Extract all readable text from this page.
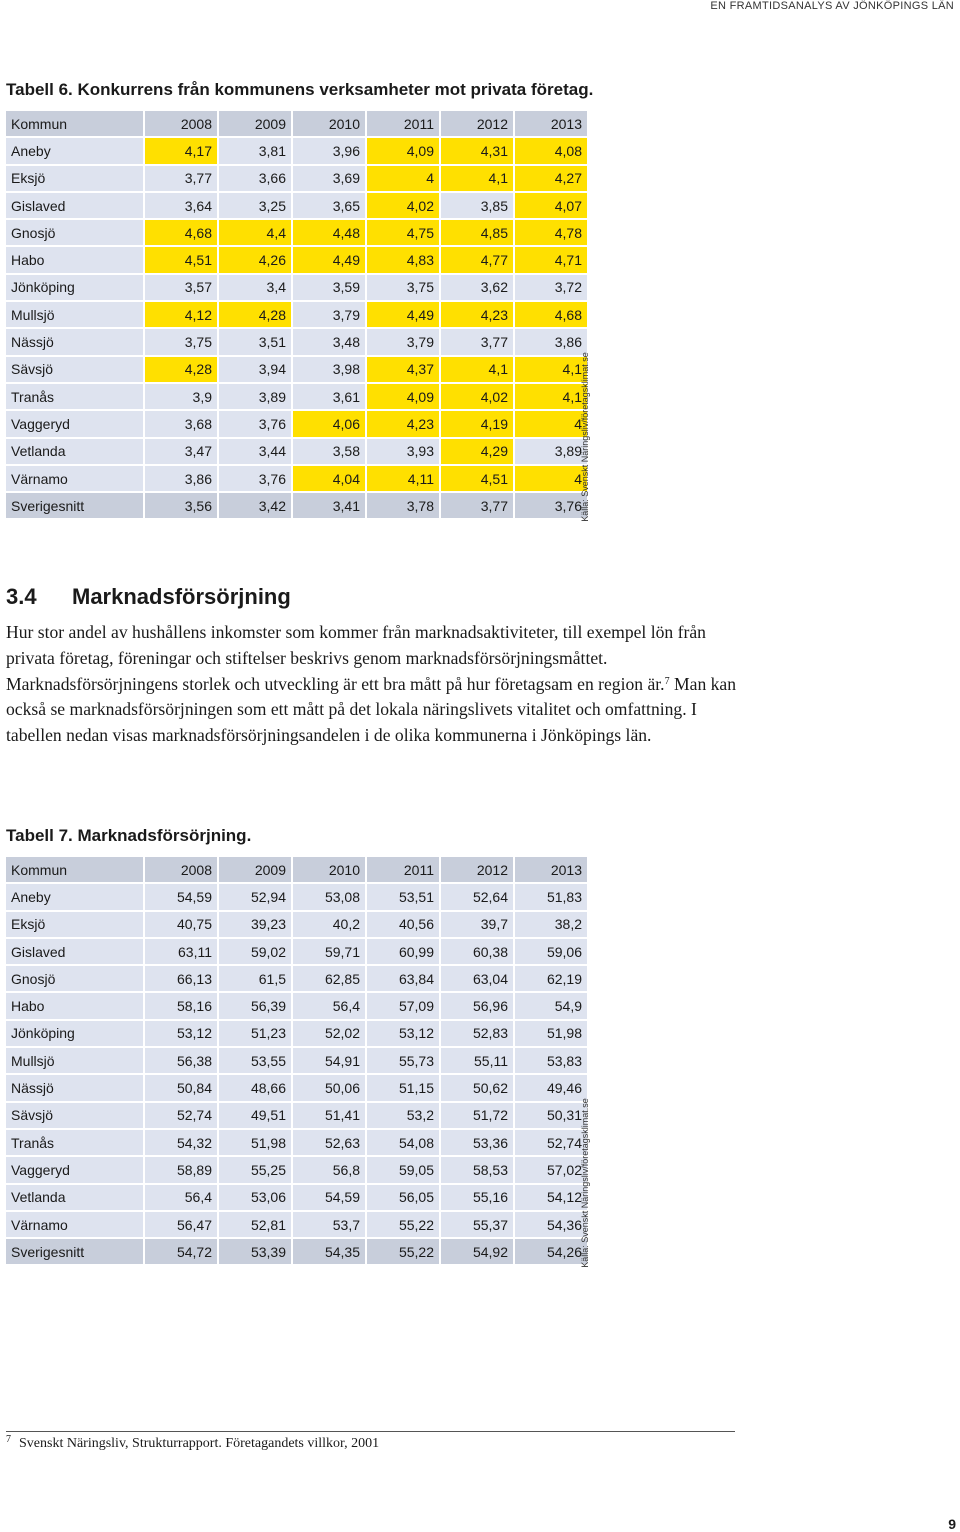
EN FRAMTIDSANALYS AV JÖNKÖPINGS LÄN
Tabell 6. Konkurrens från kommunens verksamheter mot privata företag.
Kommun	2008	2009	2010	2011	2012	2013
Aneby	4,17	3,81	3,96	4,09	4,31	4,08
Eksjö	3,77	3,66	3,69	4	4,1	4,27
Gislaved	3,64	3,25	3,65	4,02	3,85	4,07
Gnosjö	4,68	4,4	4,48	4,75	4,85	4,78
Habo	4,51	4,26	4,49	4,83	4,77	4,71
Jönköping	3,57	3,4	3,59	3,75	3,62	3,72
Mullsjö	4,12	4,28	3,79	4,49	4,23	4,68
Nässjö	3,75	3,51	3,48	3,79	3,77	3,86
Sävsjö	4,28	3,94	3,98	4,37	4,1	4,1
Tranås	3,9	3,89	3,61	4,09	4,02	4,1
Vaggeryd	3,68	3,76	4,06	4,23	4,19	4
Vetlanda	3,47	3,44	3,58	3,93	4,29	3,89
Värnamo	3,86	3,76	4,04	4,11	4,51	4
Sverigesnitt	3,56	3,42	3,41	3,78	3,77	3,76
Källa: Svenskt Näringsliv/företagsklimat.se
3.4 Marknadsförsörjning

Hur stor andel av hushållens inkomster som kommer från marknadsaktiviteter, till exempel lön från privata företag, föreningar och stiftelser beskrivs genom marknadsförsörjningsmåttet. Marknadsförsörjningens storlek och utveckling är ett bra mått på hur företagsam en region är.$^7$ Man kan också se marknadsförsörjningen som ett mått på det lokala näringslivets vitalitet och omfattning. I tabellen nedan visas marknadsförsörjningsandelen i de olika kommunerna i Jönköpings län.

Tabell 7. Marknadsförsörjning.
Kommun	2008	2009	2010	2011	2012	2013
Aneby	54,59	52,94	53,08	53,51	52,64	51,83
Eksjö	40,75	39,23	40,2	40,56	39,7	38,2
Gislaved	63,11	59,02	59,71	60,99	60,38	59,06
Gnosjö	66,13	61,5	62,85	63,84	63,04	62,19
Habo	58,16	56,39	56,4	57,09	56,96	54,9
Jönköping	53,12	51,23	52,02	53,12	52,83	51,98
Mullsjö	56,38	53,55	54,91	55,73	55,11	53,83
Nässjö	50,84	48,66	50,06	51,15	50,62	49,46
Sävsjö	52,74	49,51	51,41	53,2	51,72	50,31
Tranås	54,32	51,98	52,63	54,08	53,36	52,74
Vaggeryd	58,89	55,25	56,8	59,05	58,53	57,02
Vetlanda	56,4	53,06	54,59	56,05	55,16	54,12
Värnamo	56,47	52,81	53,7	55,22	55,37	54,36
Sverigesnitt	54,72	53,39	54,35	55,22	54,92	54,26
Källa: Svenskt Näringsliv/företagsklimat.se
$^7$ Svenskt Näringsliv, Strukturrapport. Företagandets villkor, 2001
9
